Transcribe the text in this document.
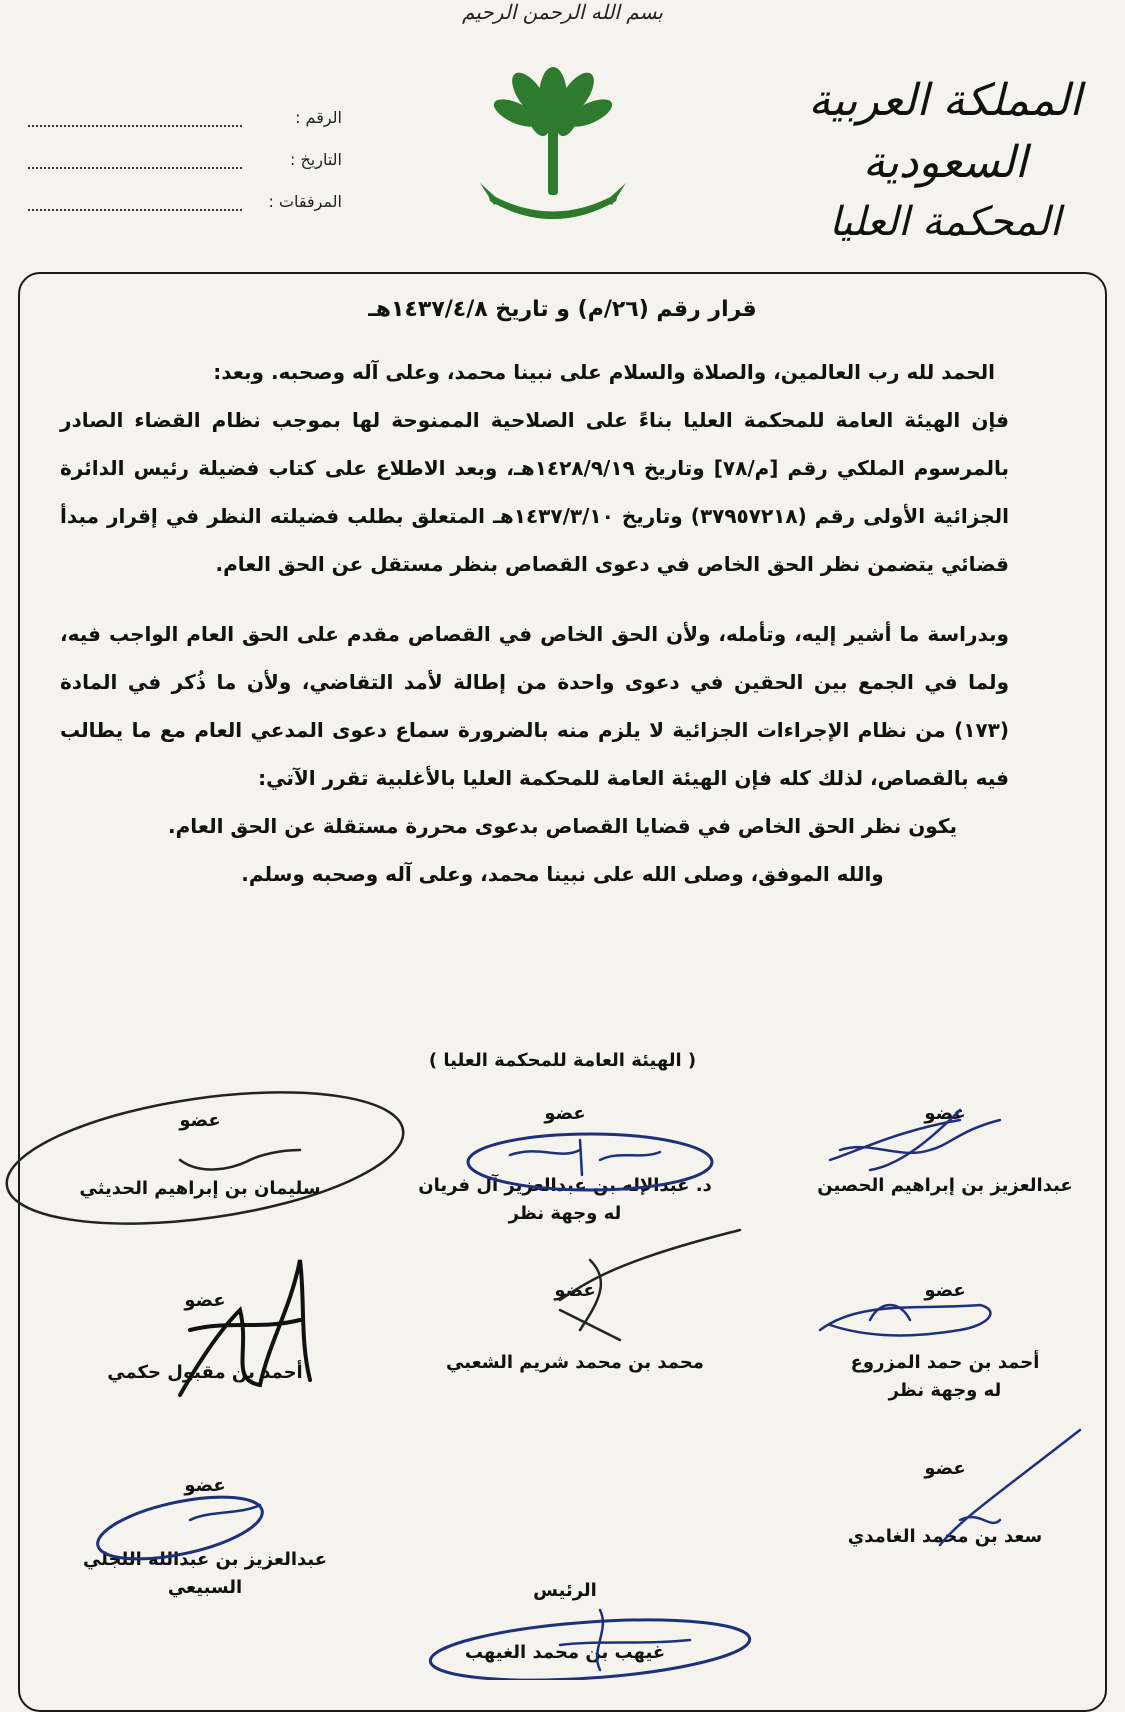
بسم الله الرحمن الرحيم
المملكة العربية السعودية
المحكمة العليا
الرقم :
التاريخ :
المرفقات :
قرار رقم (٢٦/م) و تاريخ ١٤٣٧/٤/٨هـ

الحمد لله رب العالمين، والصلاة والسلام على نبينا محمد، وعلى آله وصحبه. وبعد:

فإن الهيئة العامة للمحكمة العليا بناءً على الصلاحية الممنوحة لها بموجب نظام القضاء الصادر بالمرسوم الملكي رقم [م/٧٨] وتاريخ ١٤٢٨/٩/١٩هـ، وبعد الاطلاع على كتاب فضيلة رئيس الدائرة الجزائية الأولى رقم (٣٧٩٥٧٢١٨) وتاريخ ١٤٣٧/٣/١٠هـ المتعلق بطلب فضيلته النظر في إقرار مبدأ قضائي يتضمن نظر الحق الخاص في دعوى القصاص بنظر مستقل عن الحق العام.

وبدراسة ما أشير إليه، وتأمله، ولأن الحق الخاص في القصاص مقدم على الحق العام الواجب فيه، ولما في الجمع بين الحقين في دعوى واحدة من إطالة لأمد التقاضي، ولأن ما ذُكر في المادة (١٧٣) من نظام الإجراءات الجزائية لا يلزم منه بالضرورة سماع دعوى المدعي العام مع ما يطالب فيه بالقصاص، لذلك كله فإن الهيئة العامة للمحكمة العليا بالأغلبية تقرر الآتي:

يكون نظر الحق الخاص في قضايا القصاص بدعوى محررة مستقلة عن الحق العام.

والله الموفق، وصلى الله على نبينا محمد، وعلى آله وصحبه وسلم.

( الهيئة العامة للمحكمة العليا )
عضو
عبدالعزيز بن إبراهيم الحصين
عضو
د. عبدالإله بن عبدالعزيز آل فريان
له وجهة نظر
عضو
سليمان بن إبراهيم الحديثي
عضو
أحمد بن حمد المزروع
له وجهة نظر
عضو
محمد بن محمد شريم الشعبي
عضو
أحمد بن مقبول حكمي
عضو
سعد بن محمد الغامدي
عضو
عبدالعزيز بن عبدالله اللجلي السبيعي	الرئيس
غيهب بن محمد الغيهب
